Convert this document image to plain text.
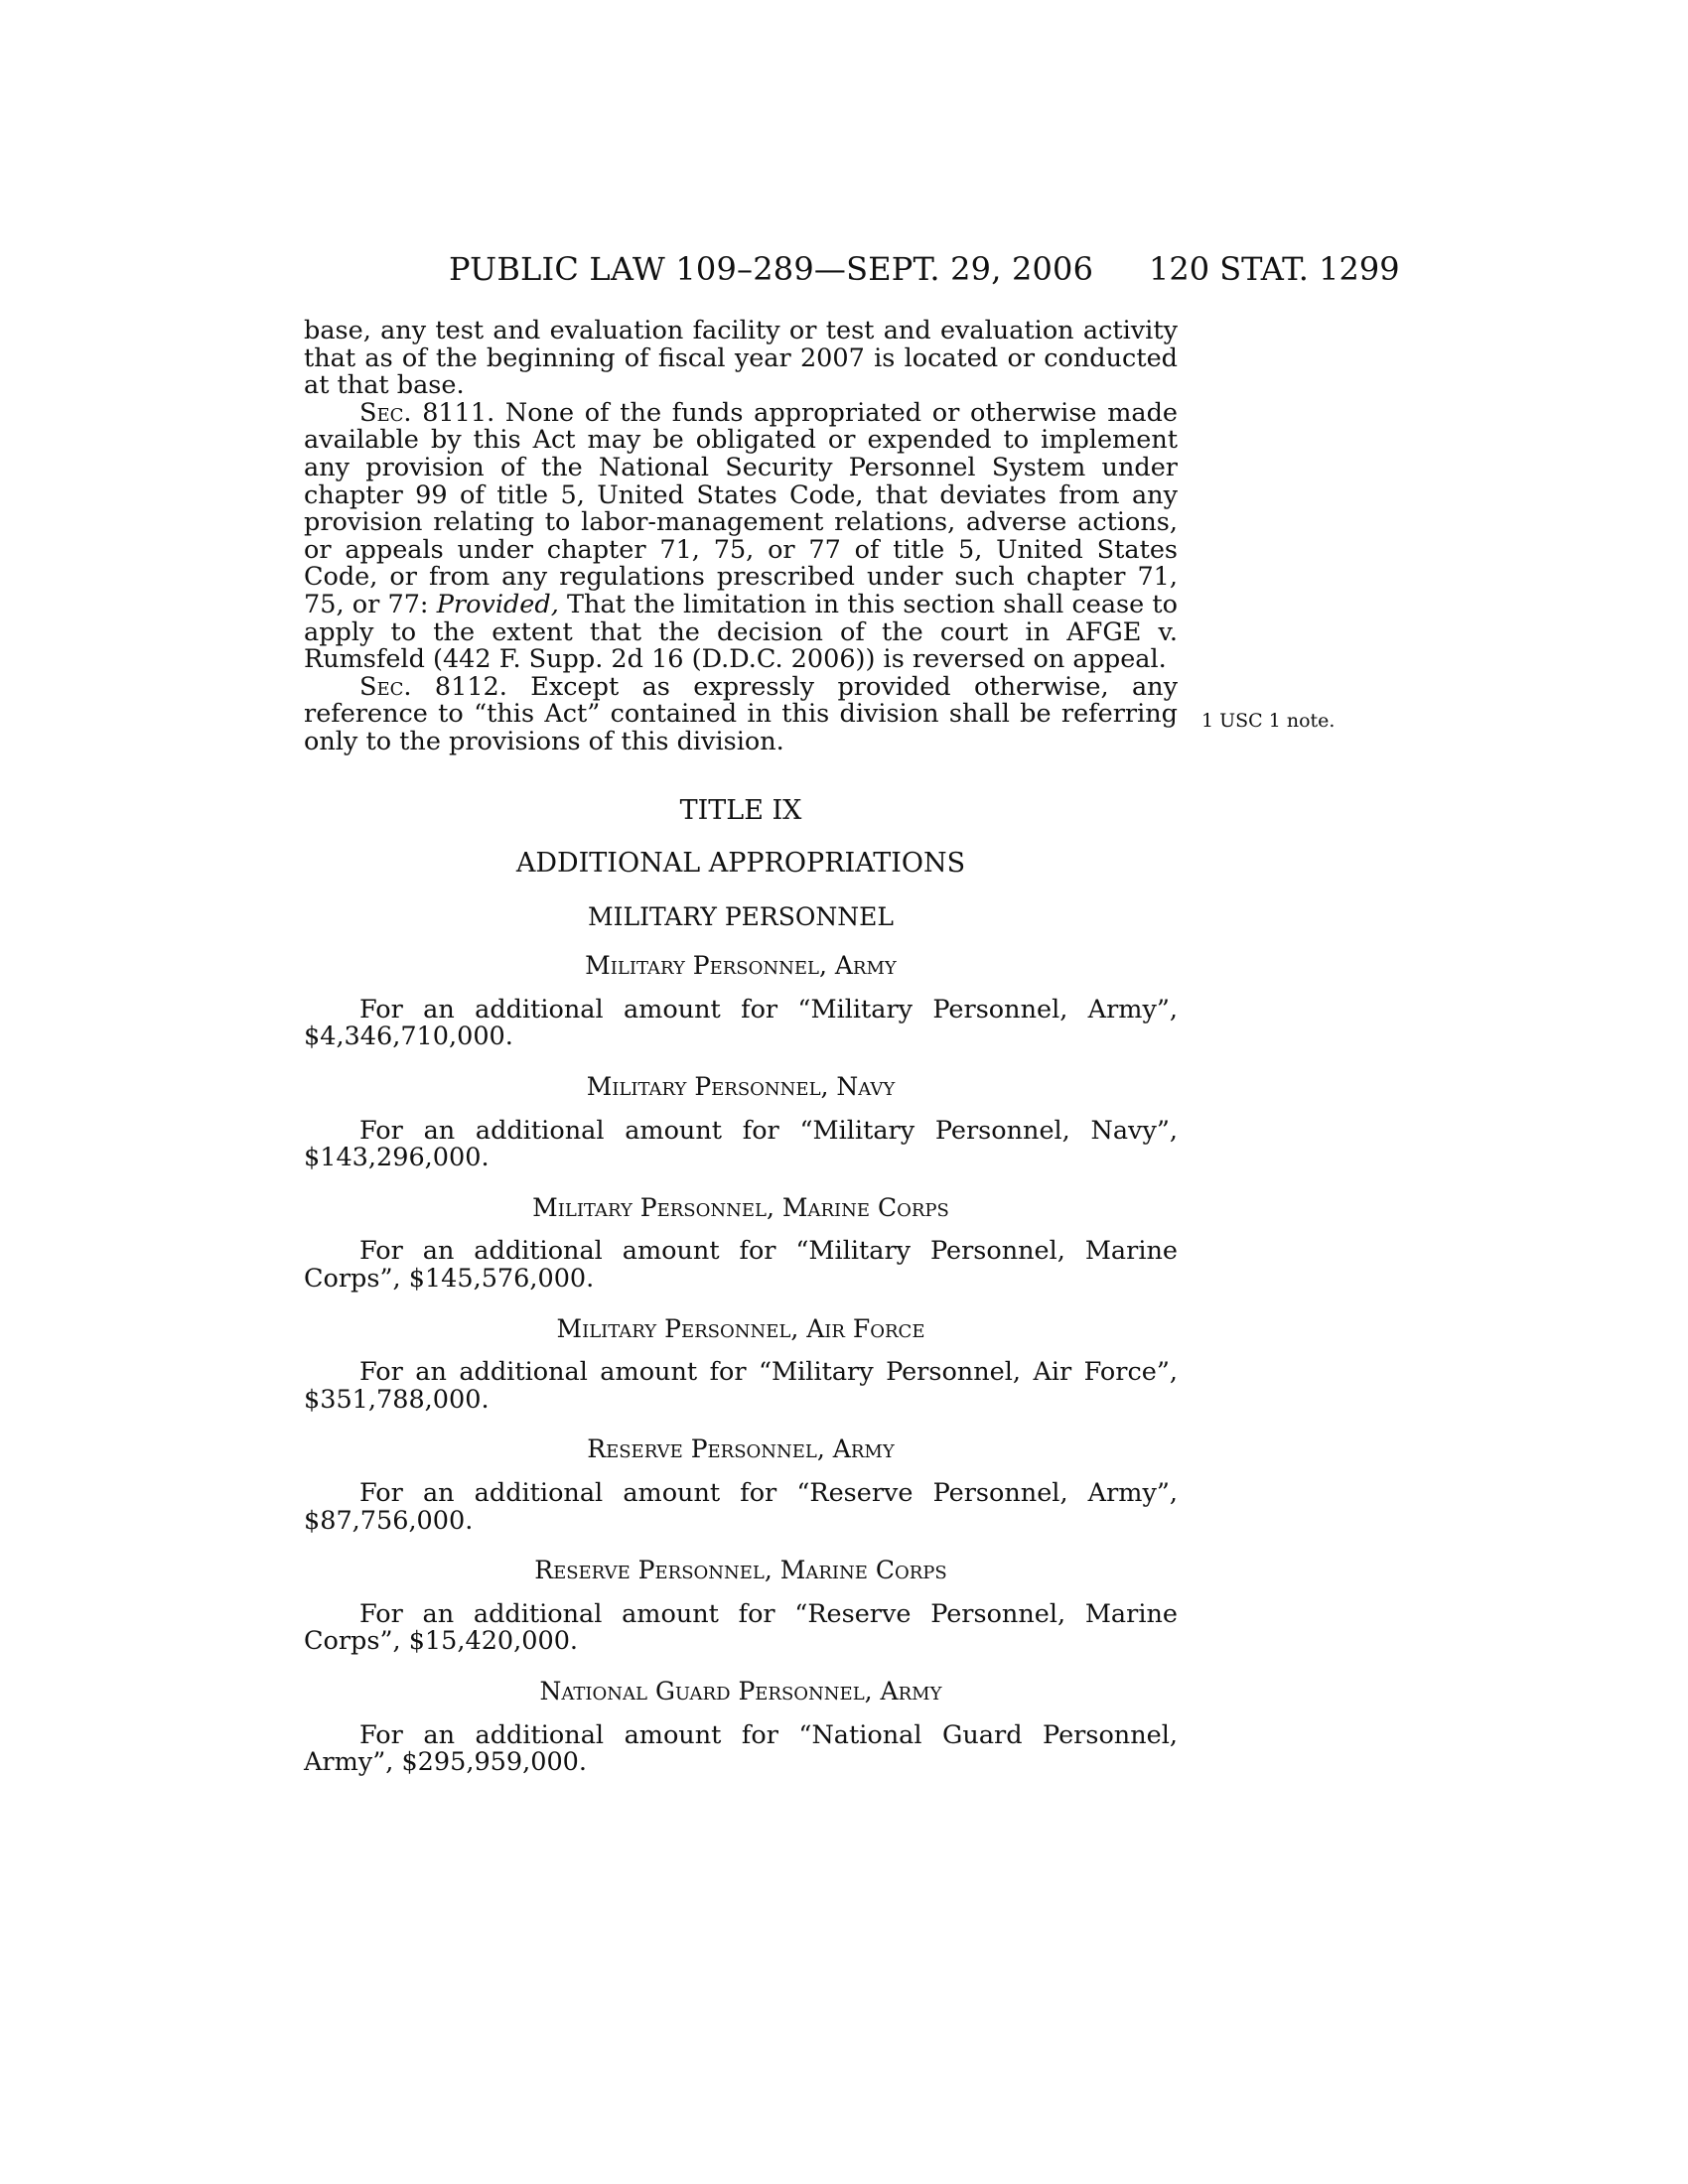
PUBLIC LAW 109–289—SEPT. 29, 2006 120 STAT. 1299
1 USC 1 note.

base, any test and evaluation facility or test and evaluation activity that as of the beginning of fiscal year 2007 is located or conducted at that base.

Sec. 8111. None of the funds appropriated or otherwise made available by this Act may be obligated or expended to implement any provision of the National Security Personnel System under chapter 99 of title 5, United States Code, that deviates from any provision relating to labor-management relations, adverse actions, or appeals under chapter 71, 75, or 77 of title 5, United States Code, or from any regulations prescribed under such chapter 71, 75, or 77: Provided, That the limitation in this section shall cease to apply to the extent that the decision of the court in AFGE v. Rumsfeld (442 F. Supp. 2d 16 (D.D.C. 2006)) is reversed on appeal.

Sec. 8112. Except as expressly provided otherwise, any reference to “this Act” contained in this division shall be referring only to the provisions of this division.

TITLE IX

ADDITIONAL APPROPRIATIONS

MILITARY PERSONNEL

Military Personnel, Army

For an additional amount for “Military Personnel, Army”, $4,346,710,000.

Military Personnel, Navy

For an additional amount for “Military Personnel, Navy”, $143,296,000.

Military Personnel, Marine Corps

For an additional amount for “Military Personnel, Marine Corps”, $145,576,000.

Military Personnel, Air Force

For an additional amount for “Military Personnel, Air Force”, $351,788,000.

Reserve Personnel, Army

For an additional amount for “Reserve Personnel, Army”, $87,756,000.

Reserve Personnel, Marine Corps

For an additional amount for “Reserve Personnel, Marine Corps”, $15,420,000.

National Guard Personnel, Army

For an additional amount for “National Guard Personnel, Army”, $295,959,000.
